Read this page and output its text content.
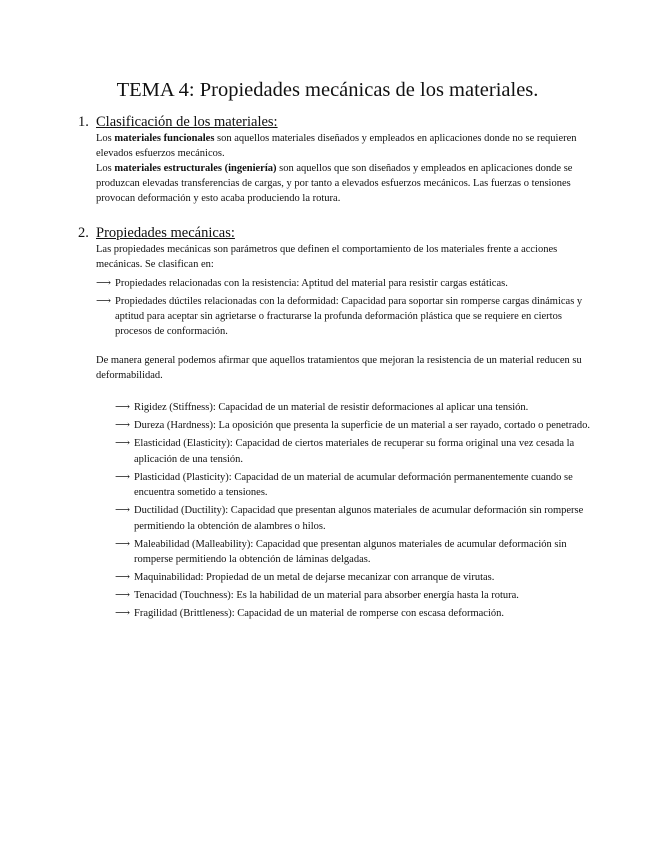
TEMA 4: Propiedades mecánicas de los materiales.
1. Clasificación de los materiales:
Los materiales funcionales son aquellos materiales diseñados y empleados en aplicaciones donde no se requieren elevados esfuerzos mecánicos.
Los materiales estructurales (ingeniería) son aquellos que son diseñados y empleados en aplicaciones donde se produzcan elevadas transferencias de cargas, y por tanto a elevados esfuerzos mecánicos. Las fuerzas o tensiones provocan deformación y esto acaba produciendo la rotura.
2. Propiedades mecánicas:
Las propiedades mecánicas son parámetros que definen el comportamiento de los materiales frente a acciones mecánicas. Se clasifican en:
⟶ Propiedades relacionadas con la resistencia: Aptitud del material para resistir cargas estáticas.
⟶ Propiedades dúctiles relacionadas con la deformidad: Capacidad para soportar sin romperse cargas dinámicas y aptitud para aceptar sin agrietarse o fracturarse la profunda deformación plástica que se requiere en ciertos procesos de conformación.
De manera general podemos afirmar que aquellos tratamientos que mejoran la resistencia de un material reducen su deformabilidad.
⟶ Rigidez (Stiffness): Capacidad de un material de resistir deformaciones al aplicar una tensión.
⟶ Dureza (Hardness): La oposición que presenta la superficie de un material a ser rayado, cortado o penetrado.
⟶ Elasticidad (Elasticity): Capacidad de ciertos materiales de recuperar su forma original una vez cesada la aplicación de una tensión.
⟶ Plasticidad (Plasticity): Capacidad de un material de acumular deformación permanentemente cuando se encuentra sometido a tensiones.
⟶ Ductilidad (Ductility): Capacidad que presentan algunos materiales de acumular deformación sin romperse permitiendo la obtención de alambres o hilos.
⟶ Maleabilidad (Malleability): Capacidad que presentan algunos materiales de acumular deformación sin romperse permitiendo la obtención de láminas delgadas.
⟶ Maquinabilidad: Propiedad de un metal de dejarse mecanizar con arranque de virutas.
⟶ Tenacidad (Touchness): Es la habilidad de un material para absorber energía hasta la rotura.
⟶ Fragilidad (Brittleness): Capacidad de un material de romperse con escasa deformación.
